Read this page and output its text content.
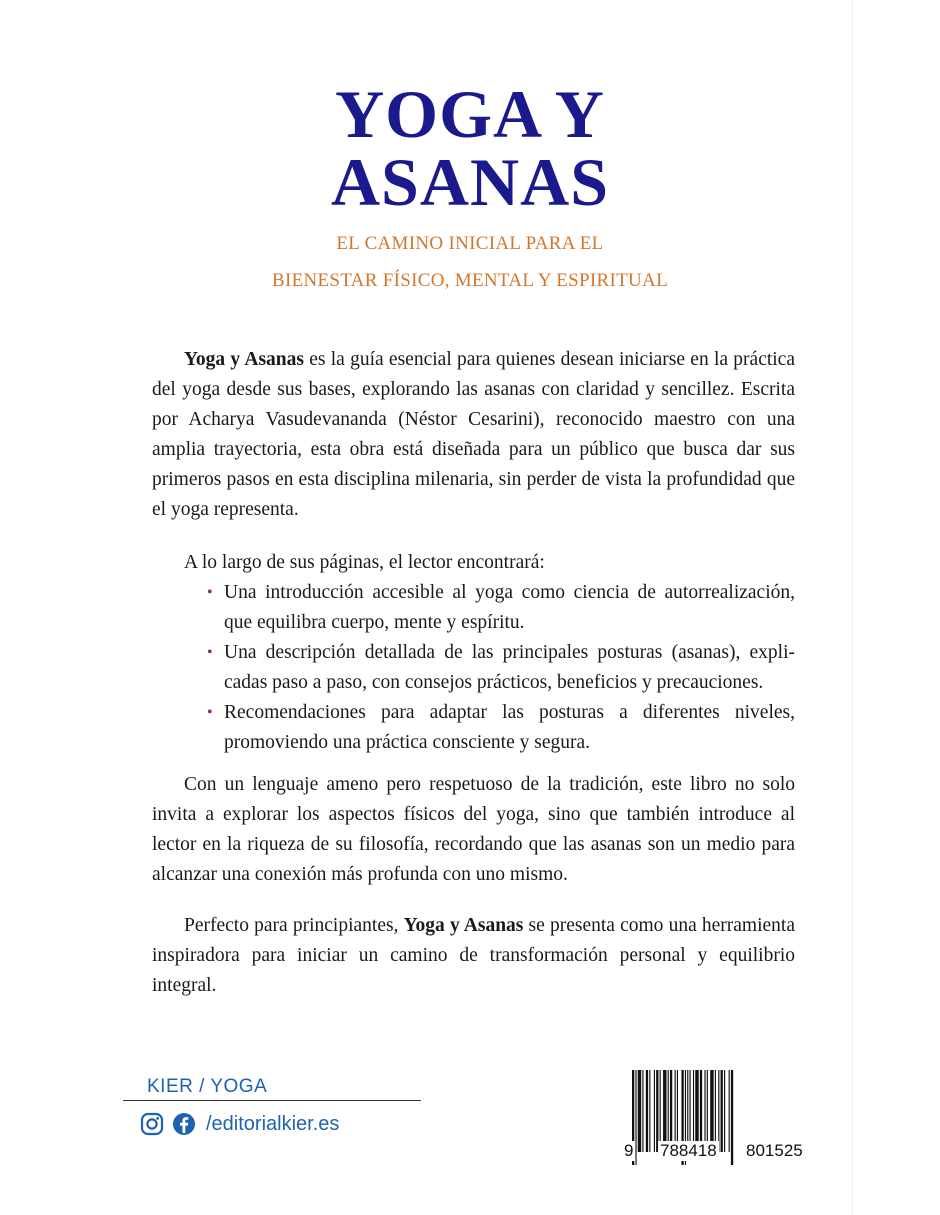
YOGA Y
ASANAS
EL CAMINO INICIAL PARA EL
BIENESTAR FÍSICO, MENTAL Y ESPIRITUAL

Yoga y Asanas es la guía esencial para quienes desean iniciarse en la práctica del yoga desde sus bases, explorando las asanas con claridad y sencillez. Escrita por Acharya Vasudevananda (Néstor Cesarini), reconocido maestro con una amplia trayectoria, esta obra está diseñada para un público que busca dar sus primeros pasos en esta disciplina milenaria, sin perder de vista la profundidad que el yoga representa.

A lo largo de sus páginas, el lector encontrará:
• Una introducción accesible al yoga como ciencia de autorrealización, que equilibra cuerpo, mente y espíritu.
• Una descripción detallada de las principales posturas (asanas), explicadas paso a paso, con consejos prácticos, beneficios y precauciones.
• Recomendaciones para adaptar las posturas a diferentes niveles, promoviendo una práctica consciente y segura.

Con un lenguaje ameno pero respetuoso de la tradición, este libro no solo invita a explorar los aspectos físicos del yoga, sino que también introduce al lector en la riqueza de su filosofía, recordando que las asanas son un medio para alcanzar una conexión más profunda con uno mismo.

Perfecto para principiantes, Yoga y Asanas se presenta como una herramienta inspiradora para iniciar un camino de transformación personal y equilibrio integral.

KIER / YOGA
/editorialkier.es
9 788418 801525
